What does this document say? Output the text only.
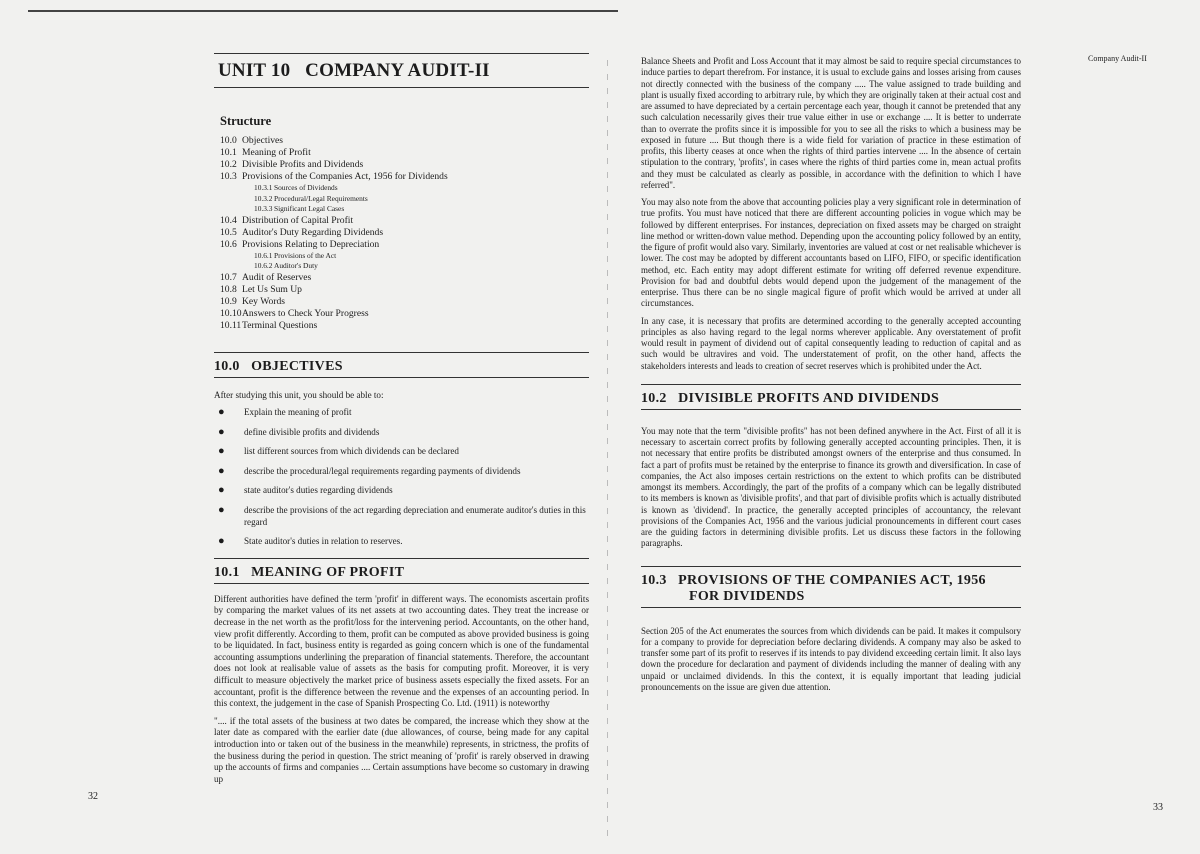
32
UNIT 10   COMPANY AUDIT-II
Structure
10.0 Objectives
10.1 Meaning of Profit
10.2 Divisible Profits and Dividends
10.3 Provisions of the Companies Act, 1956 for Dividends
10.3.1 Sources of Dividends
10.3.2 Procedural/Legal Requirements
10.3.3 Significant Legal Cases
10.4 Distribution of Capital Profit
10.5 Auditor's Duty Regarding Dividends
10.6 Provisions Relating to Depreciation
10.6.1 Provisions of the Act
10.6.2 Auditor's Duty
10.7 Audit of Reserves
10.8 Let Us Sum Up
10.9 Key Words
10.10 Answers to Check Your Progress
10.11 Terminal Questions
10.0   OBJECTIVES

After studying this unit, you should be able to:

●	Explain the meaning of profit
●	define divisible profits and dividends
●	list different sources from which dividends can be declared
●	describe the procedural/legal requirements regarding payments of dividends
●	state auditor's duties regarding dividends
●	describe the provisions of the act regarding depreciation and enumerate auditor's duties in this regard
●	State auditor's duties in relation to reserves.
10.1   MEANING OF PROFIT

Different authorities have defined the term 'profit' in different ways. The economists ascertain profits by comparing the market values of its net assets at two accounting dates. They treat the increase or decrease in the net worth as the profit/loss for the intervening period. Accountants, on the other hand, view profit differently. According to them, profit can be computed as above provided business is going to be liquidated. In fact, business entity is regarded as going concern which is one of the fundamental accounting assumptions underlining the preparation of financial statements. Therefore, the accountant does not look at realisable value of assets as the basis for computing profit. Moreover, it is very difficult to measure objectively the market price of business assets especially the fixed assets. For an accountant, profit is the difference between the revenue and the expenses of an accounting period. In this context, the judgement in the case of Spanish Prospecting Co. Ltd. (1911) is noteworthy

".... if the total assets of the business at two dates be compared, the increase which they show at the later date as compared with the earlier date (due allowances, of course, being made for any capital introduction into or taken out of the business in the meanwhile) represents, in strictness, the profits of the business during the period in question. The strict meaning of 'profit' is rarely observed in drawing up the accounts of firms and companies .... Certain assumptions have become so customary in drawing up

Company Audit-II
33

Balance Sheets and Profit and Loss Account that it may almost be said to require special circumstances to induce parties to depart therefrom. For instance, it is usual to exclude gains and losses arising from causes not directly connected with the business of the company ..... The value assigned to trade building and plant is usually fixed according to arbitrary rule, by which they are originally taken at their actual cost and are assumed to have depreciated by a certain percentage each year, though it cannot be pretended that any such calculation necessarily gives their true value either in use or exchange .... It is better to underrate than to overrate the profits since it is impossible for you to see all the risks to which a business may be exposed in future .... But though there is a wide field for variation of practice in these estimation of profits, this liberty ceases at once when the rights of third parties intervene .... In the absence of certain stipulation to the contrary, 'profits', in cases where the rights of third parties come in, mean actual profits and they must be calculated as clearly as possible, in accordance with the definition to which I have referred".

You may also note from the above that accounting policies play a very significant role in determination of true profits. You must have noticed that there are different accounting policies in vogue which may be followed by different enterprises. For instances, depreciation on fixed assets may be charged on straight line method or written-down value method. Depending upon the accounting policy followed by an entity, the figure of profit would also vary. Similarly, inventories are valued at cost or net realisable whichever is lower. The cost may be adopted by different accountants based on LIFO, FIFO, or specific identification method, etc. Each entity may adopt different estimate for writing off deferred revenue expenditure. Provision for bad and doubtful debts would depend upon the judgement of the management of the enterprise. Thus there can be no single magical figure of profit which would be arrived at under all circumstances.

In any case, it is necessary that profits are determined according to the generally accepted accounting principles as also having regard to the legal norms wherever applicable. Any overstatement of profit would result in payment of dividend out of capital consequently leading to reduction of capital and as such would be ultravires and void. The understatement of profit, on the other hand, affects the stakeholders interests and leads to creation of secret reserves which is prohibited under the Act.

10.2   DIVISIBLE PROFITS AND DIVIDENDS

You may note that the term "divisible profits" has not been defined anywhere in the Act. First of all it is necessary to ascertain correct profits by following generally accepted accounting principles. Then, it is not necessary that entire profits be distributed amongst owners of the enterprise and thus consumed. In fact a part of profits must be retained by the enterprise to finance its growth and diversification. In case of companies, the Act also imposes certain restrictions on the extent to which profits can be distributed amongst its members. Accordingly, the part of the profits of a company which can be legally distributed to its members is known as 'divisible profits', and that part of divisible profits which is actually distributed is known as 'dividend'. In practice, the generally accepted principles of accountancy, the relevant provisions of the Companies Act, 1956 and the various judicial pronouncements in different court cases are the guiding factors in determining divisible profits. Let us discuss these factors in the following paragraphs.

10.3   PROVISIONS OF THE COMPANIES ACT, 1956
FOR DIVIDENDS

Section 205 of the Act enumerates the sources from which dividends can be paid. It makes it compulsory for a company to provide for depreciation before declaring dividends. A company may also be asked to transfer some part of its profit to reserves if its intends to pay dividend exceeding certain limit. It also lays down the procedure for declaration and payment of dividends including the manner of dealing with any unpaid or unclaimed dividends. In this the context, it is equally important that leading judicial pronouncements on the issue are given due attention.
